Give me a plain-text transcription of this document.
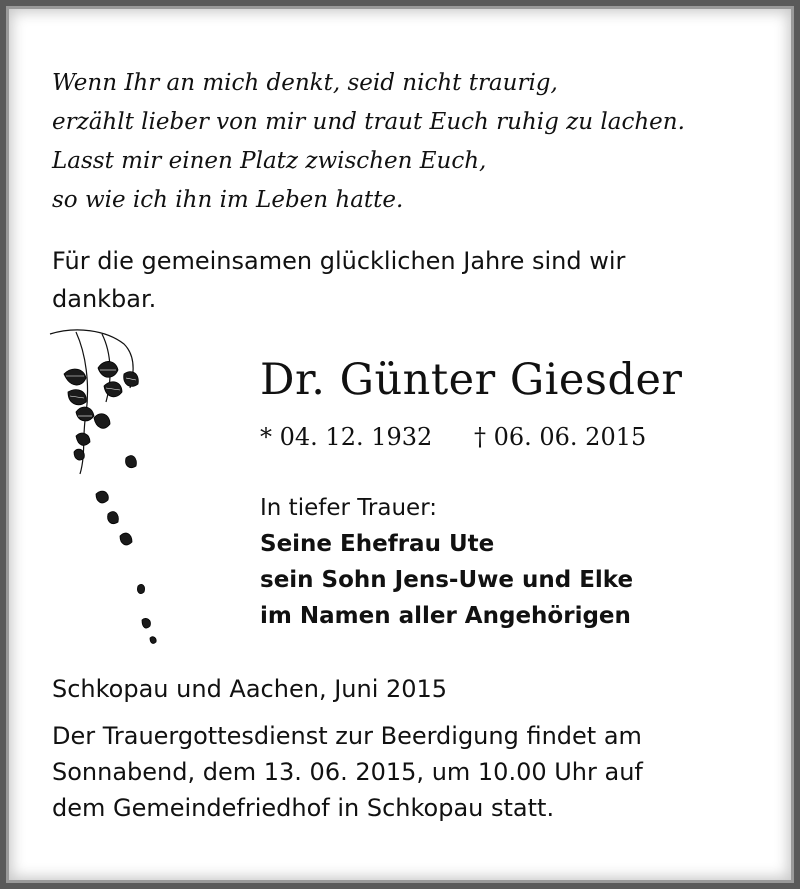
Wenn Ihr an mich denkt, seid nicht traurig,
erzählt lieber von mir und traut Euch ruhig zu lachen.
Lasst mir einen Platz zwischen Euch,
so wie ich ihn im Leben hatte.
Für die gemeinsamen glücklichen Jahre sind wir
dankbar.
Dr. Günter Giesder
* 04. 12. 1932 † 06. 06. 2015
In tiefer Trauer:
Seine Ehefrau Ute
sein Sohn Jens-Uwe und Elke
im Namen aller Angehörigen
Schkopau und Aachen, Juni 2015
Der Trauergottesdienst zur Beerdigung findet am
Sonnabend, dem 13. 06. 2015, um 10.00 Uhr auf
dem Gemeindefriedhof in Schkopau statt.
